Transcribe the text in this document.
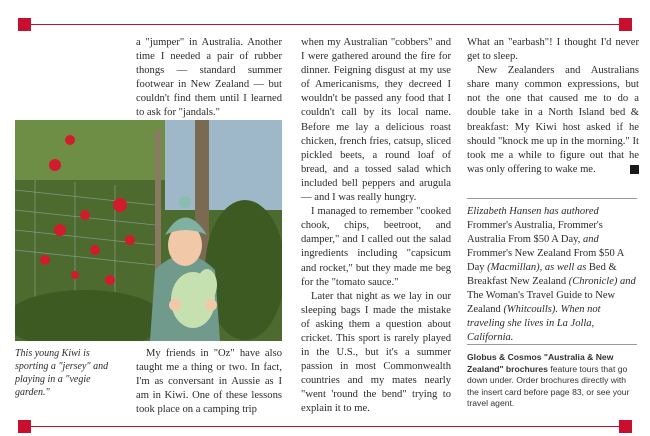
a "jumper" in Australia. Another time I needed a pair of rubber thongs — standard summer footwear in New Zealand — but couldn't find them until I learned to ask for "jandals."

This young Kiwi is sporting a "jersey" and playing in a "vegie garden."

My friends in "Oz" have also taught me a thing or two. In fact, I'm as conversant in Aussie as I am in Kiwi. One of these lessons took place on a camping trip

when my Australian "cobbers" and I were gathered around the fire for dinner. Feigning disgust at my use of Americanisms, they decreed I wouldn't be passed any food that I couldn't call by its local name. Before me lay a delicious roast chicken, french fries, catsup, sliced pickled beets, a round loaf of bread, and a tossed salad which included bell peppers and arugula — and I was really hungry.

I managed to remember "cooked chook, chips, beetroot, and damper," and I called out the salad ingredients including "capsicum and rocket," but they made me beg for the "tomato sauce."

Later that night as we lay in our sleeping bags I made the mistake of asking them a question about cricket. This sport is rarely played in the U.S., but it's a summer passion in most Commonwealth countries and my mates nearly "went 'round the bend" trying to explain it to me.

What an "earbash"! I thought I'd never get to sleep.

New Zealanders and Australians share many common expressions, but not the one that caused me to do a double take in a North Island bed & breakfast: My Kiwi host asked if he should "knock me up in the morning." It took me a while to figure out that he was only offering to wake me.	T

Elizabeth Hansen has authored Frommer's Australia, Frommer's Australia From $50 A Day, and Frommer's New Zealand From $50 A Day (Macmillan), as well as Bed & Breakfast New Zealand (Chronicle) and The Woman's Travel Guide to New Zealand (Whitcoulls). When not traveling she lives in La Jolla, California.

Globus & Cosmos "Australia & New Zealand" brochures feature tours that go down under. Order brochures directly with the insert card before page 83, or see your travel agent.
